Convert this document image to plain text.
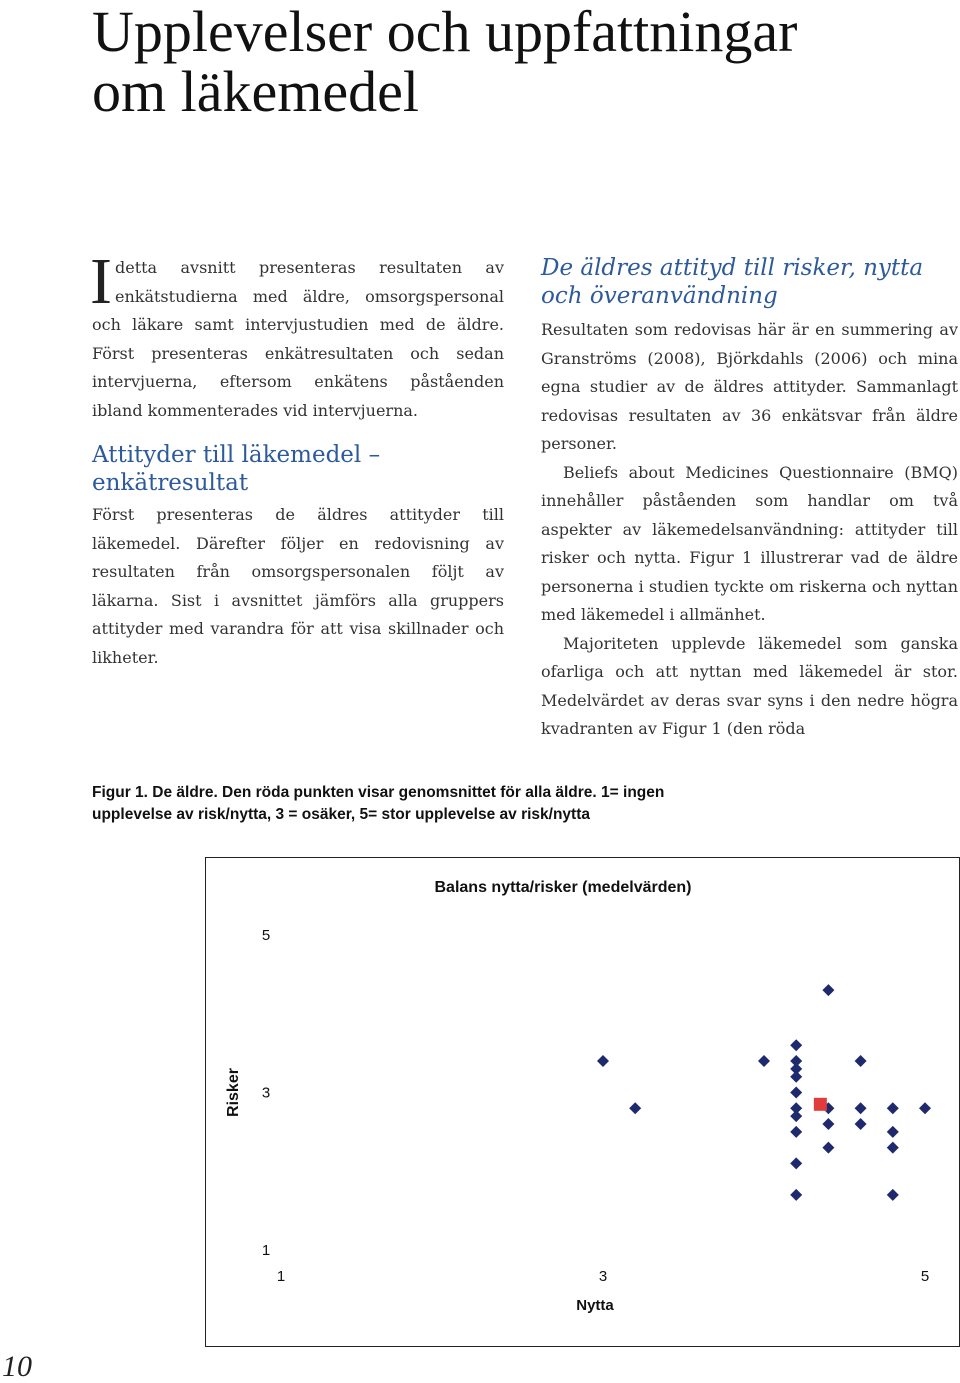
Upplevelser och uppfattningar
om läkemedel

Idetta avsnitt presenteras resultaten av enkätstudierna med äldre, omsorgspersonal och läkare samt intervjustudien med de äldre. Först presenteras enkätresultaten och sedan intervjuerna, eftersom enkätens påståenden ibland kommenterades vid intervjuerna.

Attityder till läkemedel – enkätresultat

Först presenteras de äldres attityder till läkemedel. Därefter följer en redovisning av resultaten från omsorgspersonalen följt av läkarna. Sist i avsnittet jämförs alla gruppers attityder med varandra för att visa skillnader och likheter.

De äldres attityd till risker, nytta och överanvändning

Resultaten som redovisas här är en summering av Granströms (2008), Björkdahls (2006) och mina egna studier av de äldres attityder. Sammanlagt redovisas resultaten av 36 enkätsvar från äldre personer.

Beliefs about Medicines Questionnaire (BMQ) innehåller påståenden som handlar om två aspekter av läkemedelsanvändning: attityder till risker och nytta. Figur 1 illustrerar vad de äldre personerna i studien tyckte om riskerna och nyttan med läkemedel i allmänhet.

Majoriteten upplevde läkemedel som ganska ofarliga och att nyttan med läkemedel är stor. Medelvärdet av deras svar syns i den nedre högra kvadranten av Figur 1 (den röda

Figur 1. De äldre. Den röda punkten visar genomsnittet för alla äldre. 1= ingen upplevelse av risk/nytta, 3 = osäker, 5= stor upplevelse av risk/nytta

Balans nytta/risker (medelvärden)
Risker
Nytta
1
3
5
1	3	5

10
